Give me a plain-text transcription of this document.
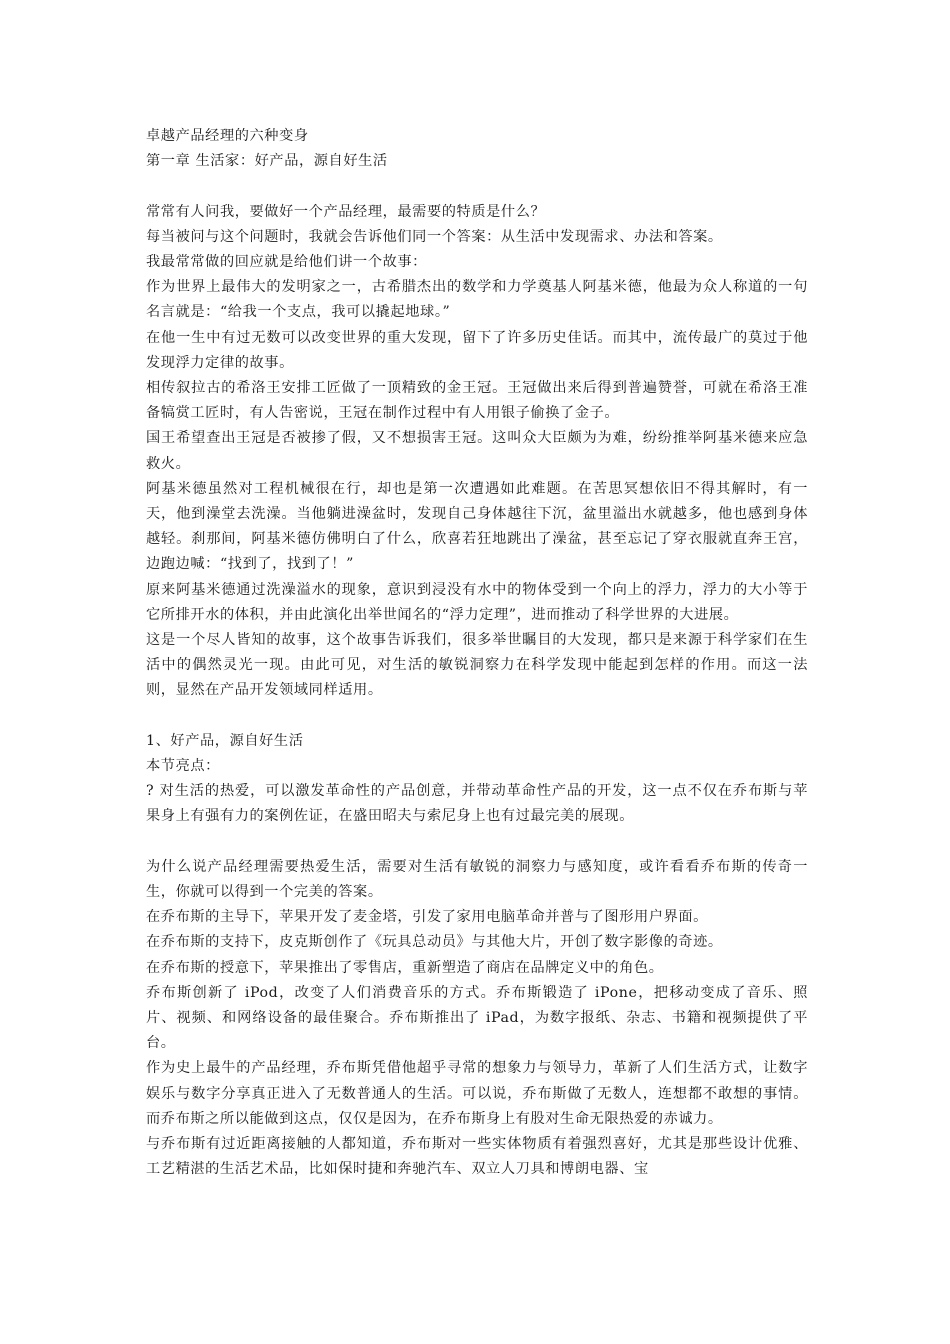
卓越产品经理的六种变身

第一章 生活家：好产品，源自好生活

常常有人问我，要做好一个产品经理，最需要的特质是什么？

每当被问与这个问题时，我就会告诉他们同一个答案：从生活中发现需求、办法和答案。

我最常常做的回应就是给他们讲一个故事：

作为世界上最伟大的发明家之一，古希腊杰出的数学和力学奠基人阿基米德，他最为众人称道的一句名言就是：“给我一个支点，我可以撬起地球。”

在他一生中有过无数可以改变世界的重大发现，留下了许多历史佳话。而其中，流传最广的莫过于他发现浮力定律的故事。

相传叙拉古的希洛王安排工匠做了一顶精致的金王冠。王冠做出来后得到普遍赞誉，可就在希洛王准备犒赏工匠时，有人告密说，王冠在制作过程中有人用银子偷换了金子。

国王希望查出王冠是否被掺了假，又不想损害王冠。这叫众大臣颇为为难，纷纷推举阿基米德来应急救火。

阿基米德虽然对工程机械很在行，却也是第一次遭遇如此难题。在苦思冥想依旧不得其解时，有一天，他到澡堂去洗澡。当他躺进澡盆时，发现自己身体越往下沉，盆里溢出水就越多，他也感到身体越轻。刹那间，阿基米德仿佛明白了什么，欣喜若狂地跳出了澡盆，甚至忘记了穿衣服就直奔王宫，边跑边喊：“找到了，找到了！”

原来阿基米德通过洗澡溢水的现象，意识到浸没有水中的物体受到一个向上的浮力，浮力的大小等于它所排开水的体积，并由此演化出举世闻名的“浮力定理”，进而推动了科学世界的大进展。

这是一个尽人皆知的故事，这个故事告诉我们，很多举世瞩目的大发现，都只是来源于科学家们在生活中的偶然灵光一现。由此可见，对生活的敏锐洞察力在科学发现中能起到怎样的作用。而这一法则，显然在产品开发领域同样适用。

1、好产品，源自好生活

本节亮点：

? 对生活的热爱，可以激发革命性的产品创意，并带动革命性产品的开发，这一点不仅在乔布斯与苹果身上有强有力的案例佐证，在盛田昭夫与索尼身上也有过最完美的展现。

为什么说产品经理需要热爱生活，需要对生活有敏锐的洞察力与感知度，或许看看乔布斯的传奇一生，你就可以得到一个完美的答案。

在乔布斯的主导下，苹果开发了麦金塔，引发了家用电脑革命并普与了图形用户界面。

在乔布斯的支持下，皮克斯创作了《玩具总动员》与其他大片，开创了数字影像的奇迹。

在乔布斯的授意下，苹果推出了零售店，重新塑造了商店在品牌定义中的角色。

乔布斯创新了 iPod，改变了人们消费音乐的方式。乔布斯锻造了 iPone，把移动变成了音乐、照片、视频、和网络设备的最佳聚合。乔布斯推出了 iPad，为数字报纸、杂志、书籍和视频提供了平台。

作为史上最牛的产品经理，乔布斯凭借他超乎寻常的想象力与领导力，革新了人们生活方式，让数字娱乐与数字分享真正进入了无数普通人的生活。可以说，乔布斯做了无数人，连想都不敢想的事情。而乔布斯之所以能做到这点，仅仅是因为，在乔布斯身上有股对生命无限热爱的赤诚力。

与乔布斯有过近距离接触的人都知道，乔布斯对一些实体物质有着强烈喜好，尤其是那些设计优雅、工艺精湛的生活艺术品，比如保时捷和奔驰汽车、双立人刀具和博朗电器、宝
